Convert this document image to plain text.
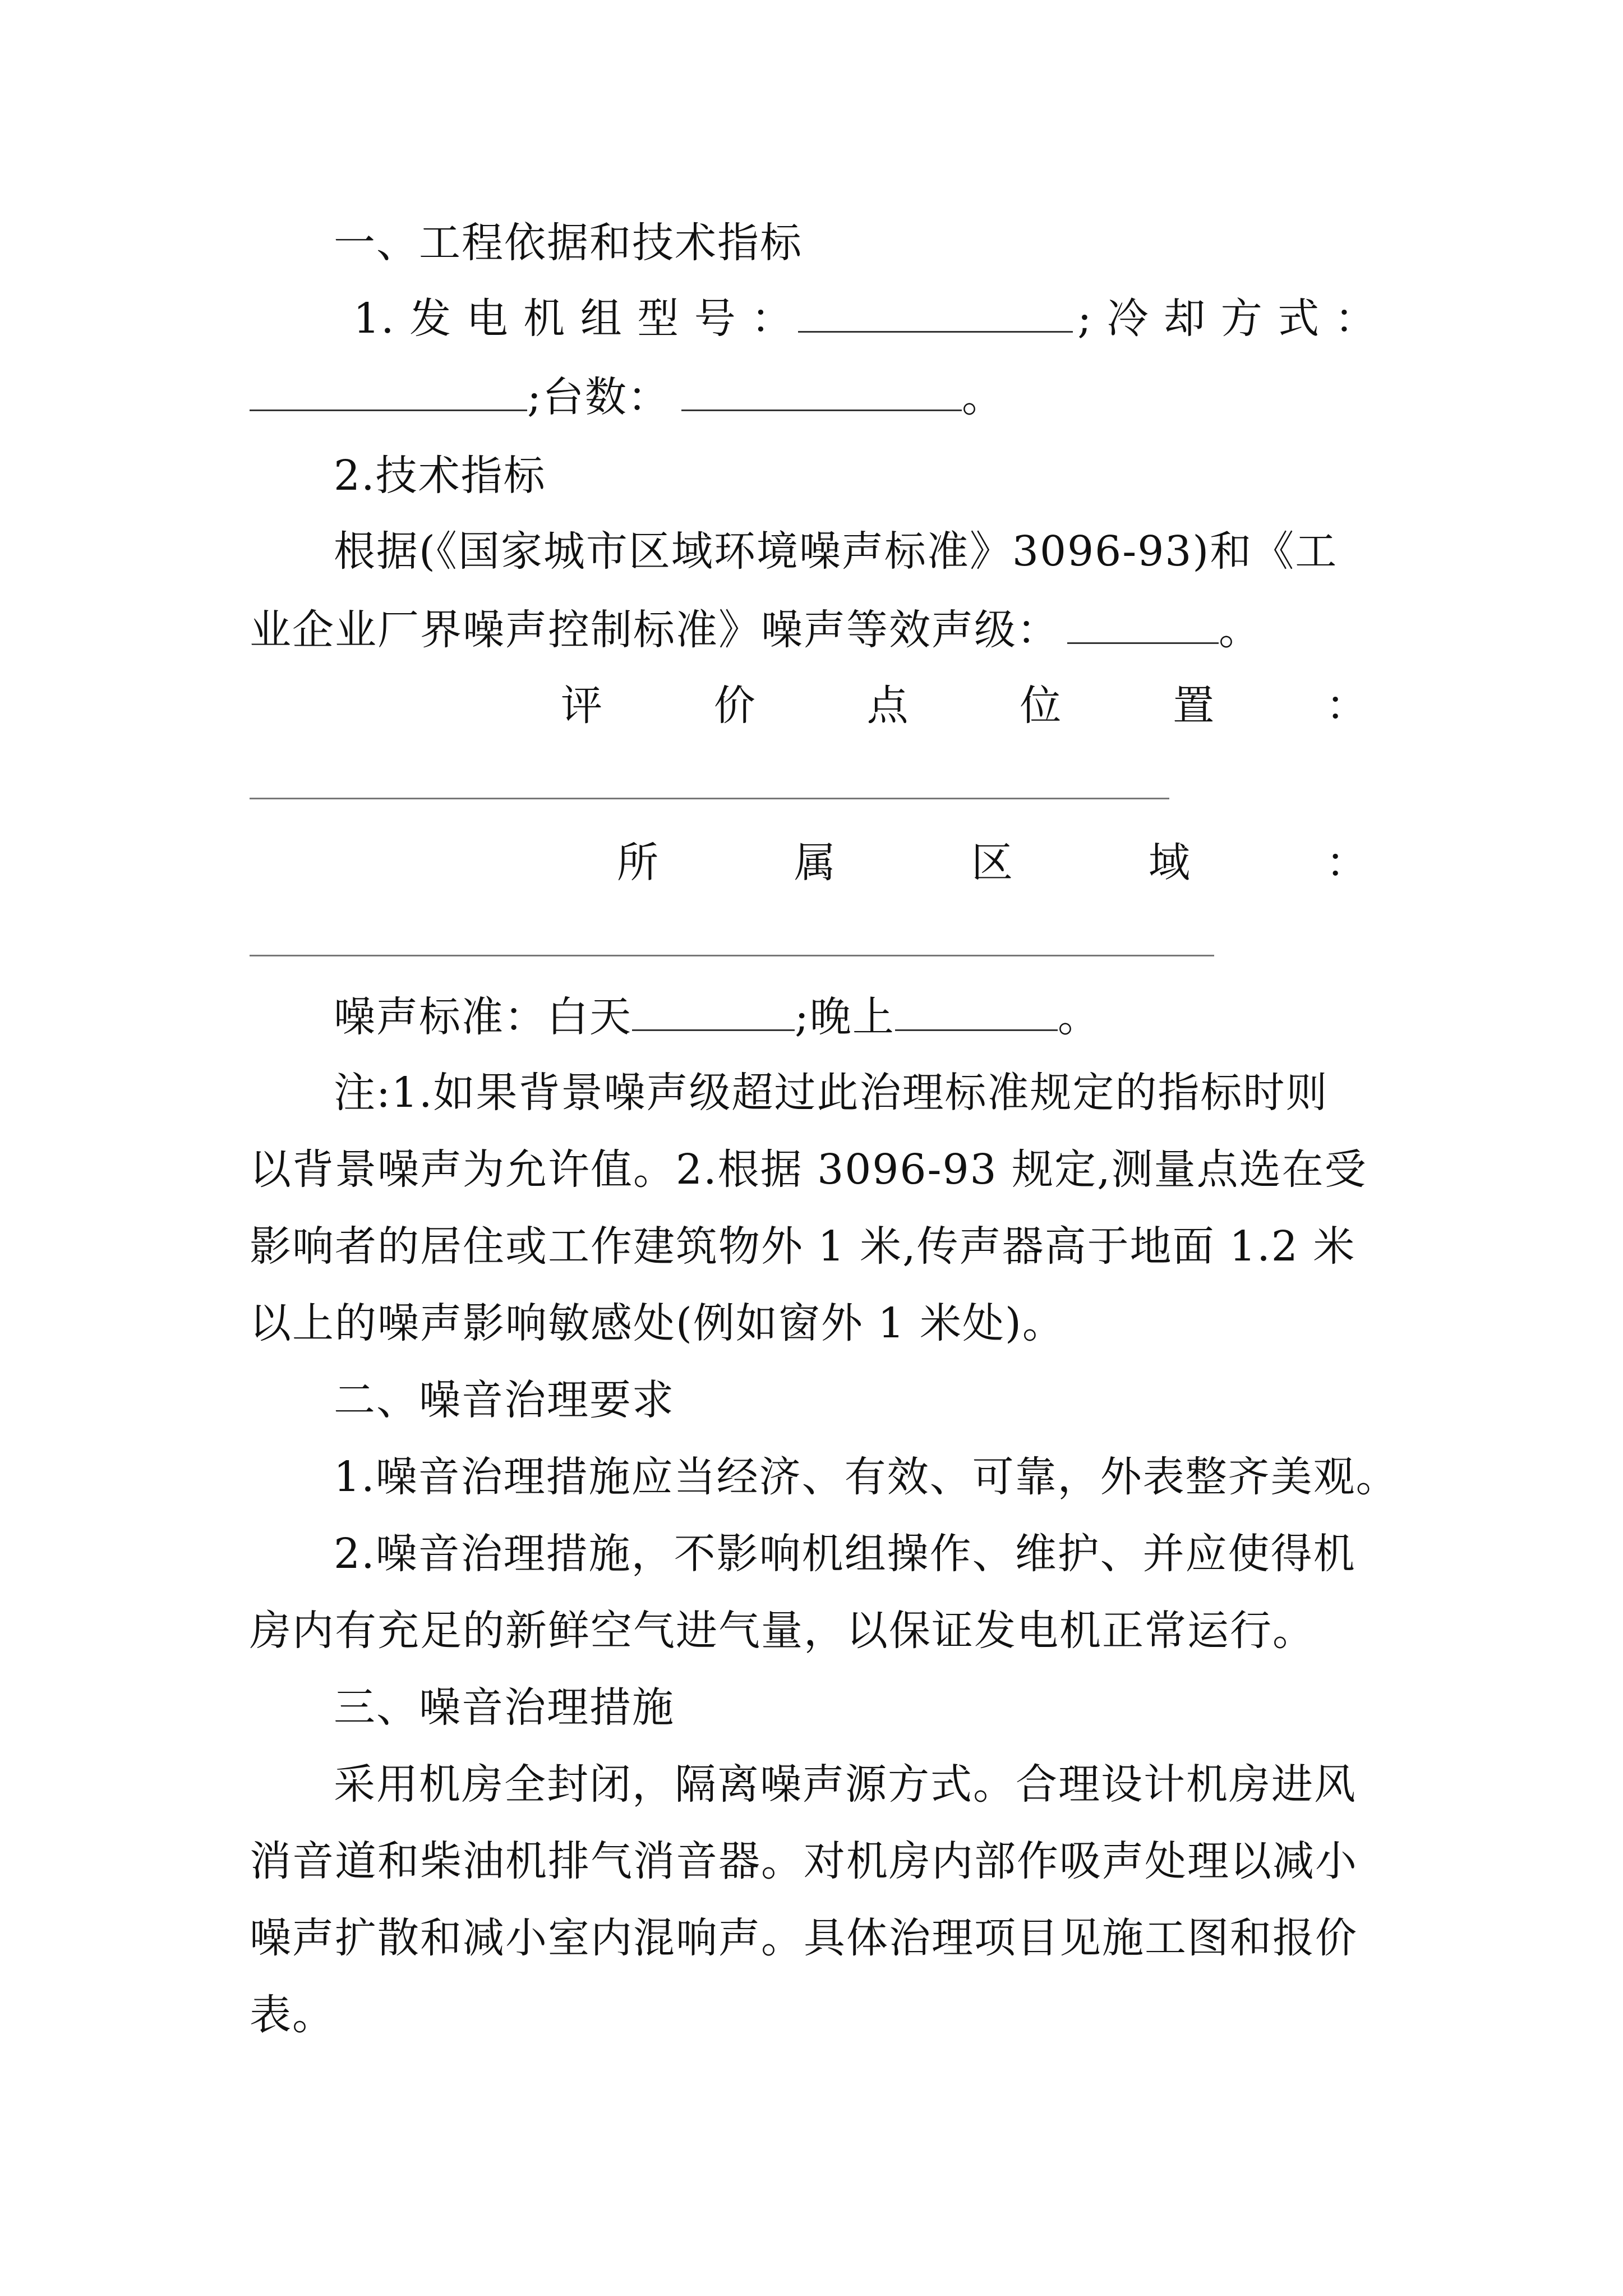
一、工程依据和技术指标
1. 发 电 机 组 型 号 ：	; 冷 却 方 式 ：
;台数：	。
2.技术指标
根据(《国家城市区域环境噪声标准》3096-93)和《工
业企业厂界噪声控制标准》噪声等效声级：	。
评	价	点	位	置	：
所	属	区	域	：
噪声标准：白天	;晚上	。
注:1.如果背景噪声级超过此治理标准规定的指标时则
以背景噪声为允许值。2.根据 3096-93 规定,测量点选在受
影响者的居住或工作建筑物外 1 米,传声器高于地面 1.2 米
以上的噪声影响敏感处(例如窗外 1 米处)。
二、噪音治理要求
1.噪音治理措施应当经济、有效、可靠，外表整齐美观。
2.噪音治理措施，不影响机组操作、维护、并应使得机
房内有充足的新鲜空气进气量，以保证发电机正常运行。
三、噪音治理措施
采用机房全封闭，隔离噪声源方式。合理设计机房进风
消音道和柴油机排气消音器。对机房内部作吸声处理以减小
噪声扩散和减小室内混响声。具体治理项目见施工图和报价
表。
